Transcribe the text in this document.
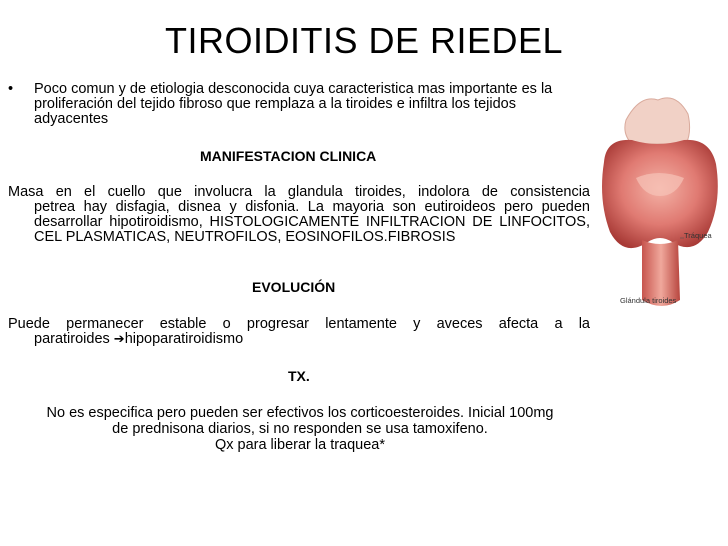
TIROIDITIS DE RIEDEL
• Poco comun y de etiologia desconocida cuya caracteristica mas importante es la proliferación del tejido fibroso que remplaza a la tiroides e infiltra los tejidos adyacentes
MANIFESTACION CLINICA
Masa en el cuello que involucra la glandula tiroides, indolora de consistencia
petrea hay disfagia, disnea y disfonia. La mayoria son eutiroideos pero pueden desarrollar hipotiroidismo, HISTOLOGICAMENTE INFILTRACION DE LINFOCITOS, CEL PLASMATICAS, NEUTROFILOS, EOSINOFILOS.FIBROSIS
EVOLUCIÓN
Puede permanecer estable o progresar lentamente y aveces afecta a la
paratiroides ➔hipoparatiroidismo
TX.
No es especifica pero pueden ser efectivos los corticoesteroides. Inicial 100mg
de prednisona diarios, si no responden se usa tamoxifeno.
Qx para liberar la traquea*
Tráquea
Glándula tiroides
